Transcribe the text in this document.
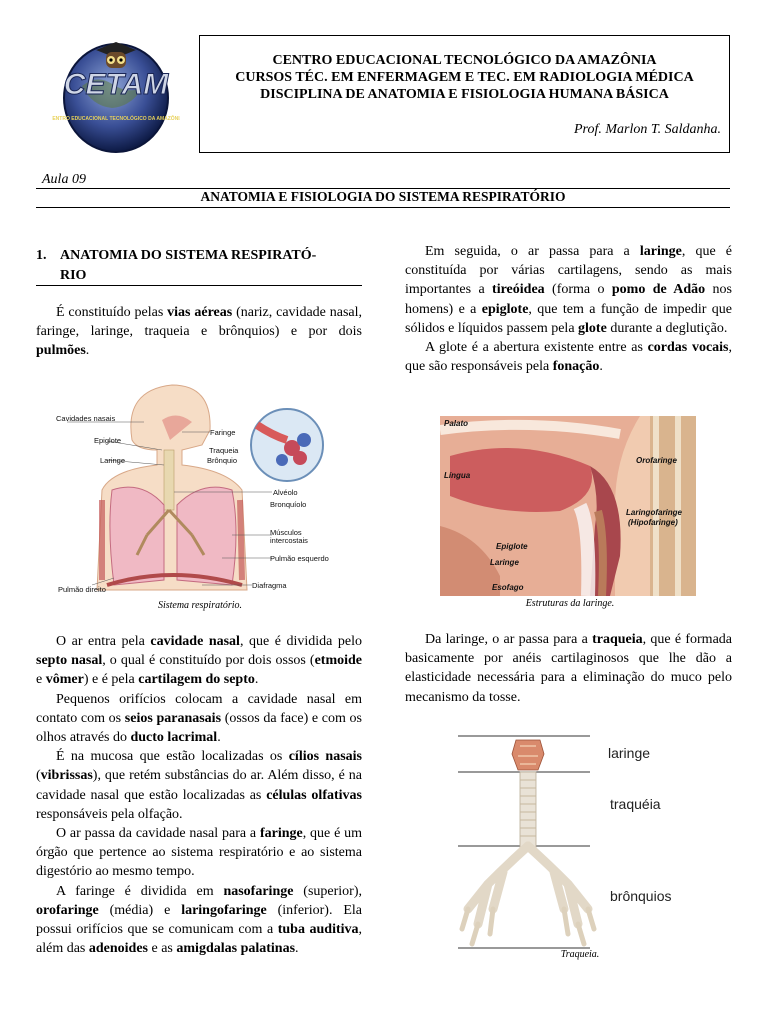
CETAM
CENTRO EDUCACIONAL TECNOLÓGICO DA AMAZÔNIA
CENTRO EDUCACIONAL TECNOLÓGICO DA AMAZÔNIA
CURSOS TÉC. EM ENFERMAGEM E TEC. EM RADIOLOGIA MÉDICA
DISCIPLINA DE ANATOMIA E FISIOLOGIA HUMANA BÁSICA
Prof. Marlon T. Saldanha.
Aula 09
ANATOMIA E FISIOLOGIA DO SISTEMA RESPIRATÓRIO
1. ANATOMIA DO SISTEMA RESPIRATÓ-
RIO

É constituído pelas vias aéreas (nariz, cavidade nasal, faringe, laringe, traqueia e brônquios) e por dois pulmões.

Cavidades nasais
Epiglote
Laringe
Faringe
Traqueia
Brônquio
Alvéolo
Bronquíolo
Músculos
intercostais
Pulmão esquerdo
Diafragma
Pulmão direito
Sistema respiratório.

O ar entra pela cavidade nasal, que é dividida pelo septo nasal, o qual é constituído por dois ossos (etmoide e vômer) e é pela cartilagem do septo.

Pequenos orifícios colocam a cavidade nasal em contato com os seios paranasais (ossos da face) e com os olhos através do ducto lacrimal.

É na mucosa que estão localizadas os cílios nasais (vibrissas), que retém substâncias do ar. Além disso, é na cavidade nasal que estão localizadas as células olfativas responsáveis pela olfação.

O ar passa da cavidade nasal para a faringe, que é um órgão que pertence ao sistema respiratório e ao sistema digestório ao mesmo tempo.

A faringe é dividida em nasofaringe (superior), orofaringe (média) e laringofaringe (inferior). Ela possui orifícios que se comunicam com a tuba auditiva, além das adenoides e as amigdalas palatinas.

Em seguida, o ar passa para a laringe, que é constituída por várias cartilagens, sendo as mais importantes a tireóidea (forma o pomo de Adão nos homens) e a epiglote, que tem a função de impedir que sólidos e líquidos passem pela glote durante a deglutição.

A glote é a abertura existente entre as cordas vocais, que são responsáveis pela fonação.

Palato
Língua
Orofaringe
Laringofaringe
(Hipofaringe)
Epiglote
Laringe
Esofago
Estruturas da laringe.

Da laringe, o ar passa para a traqueia, que é formada basicamente por anéis cartilaginosos que lhe dão a elasticidade necessária para a eliminação do muco pelo mecanismo da tosse.

laringe
traquéia
brônquios
Traqueia.
